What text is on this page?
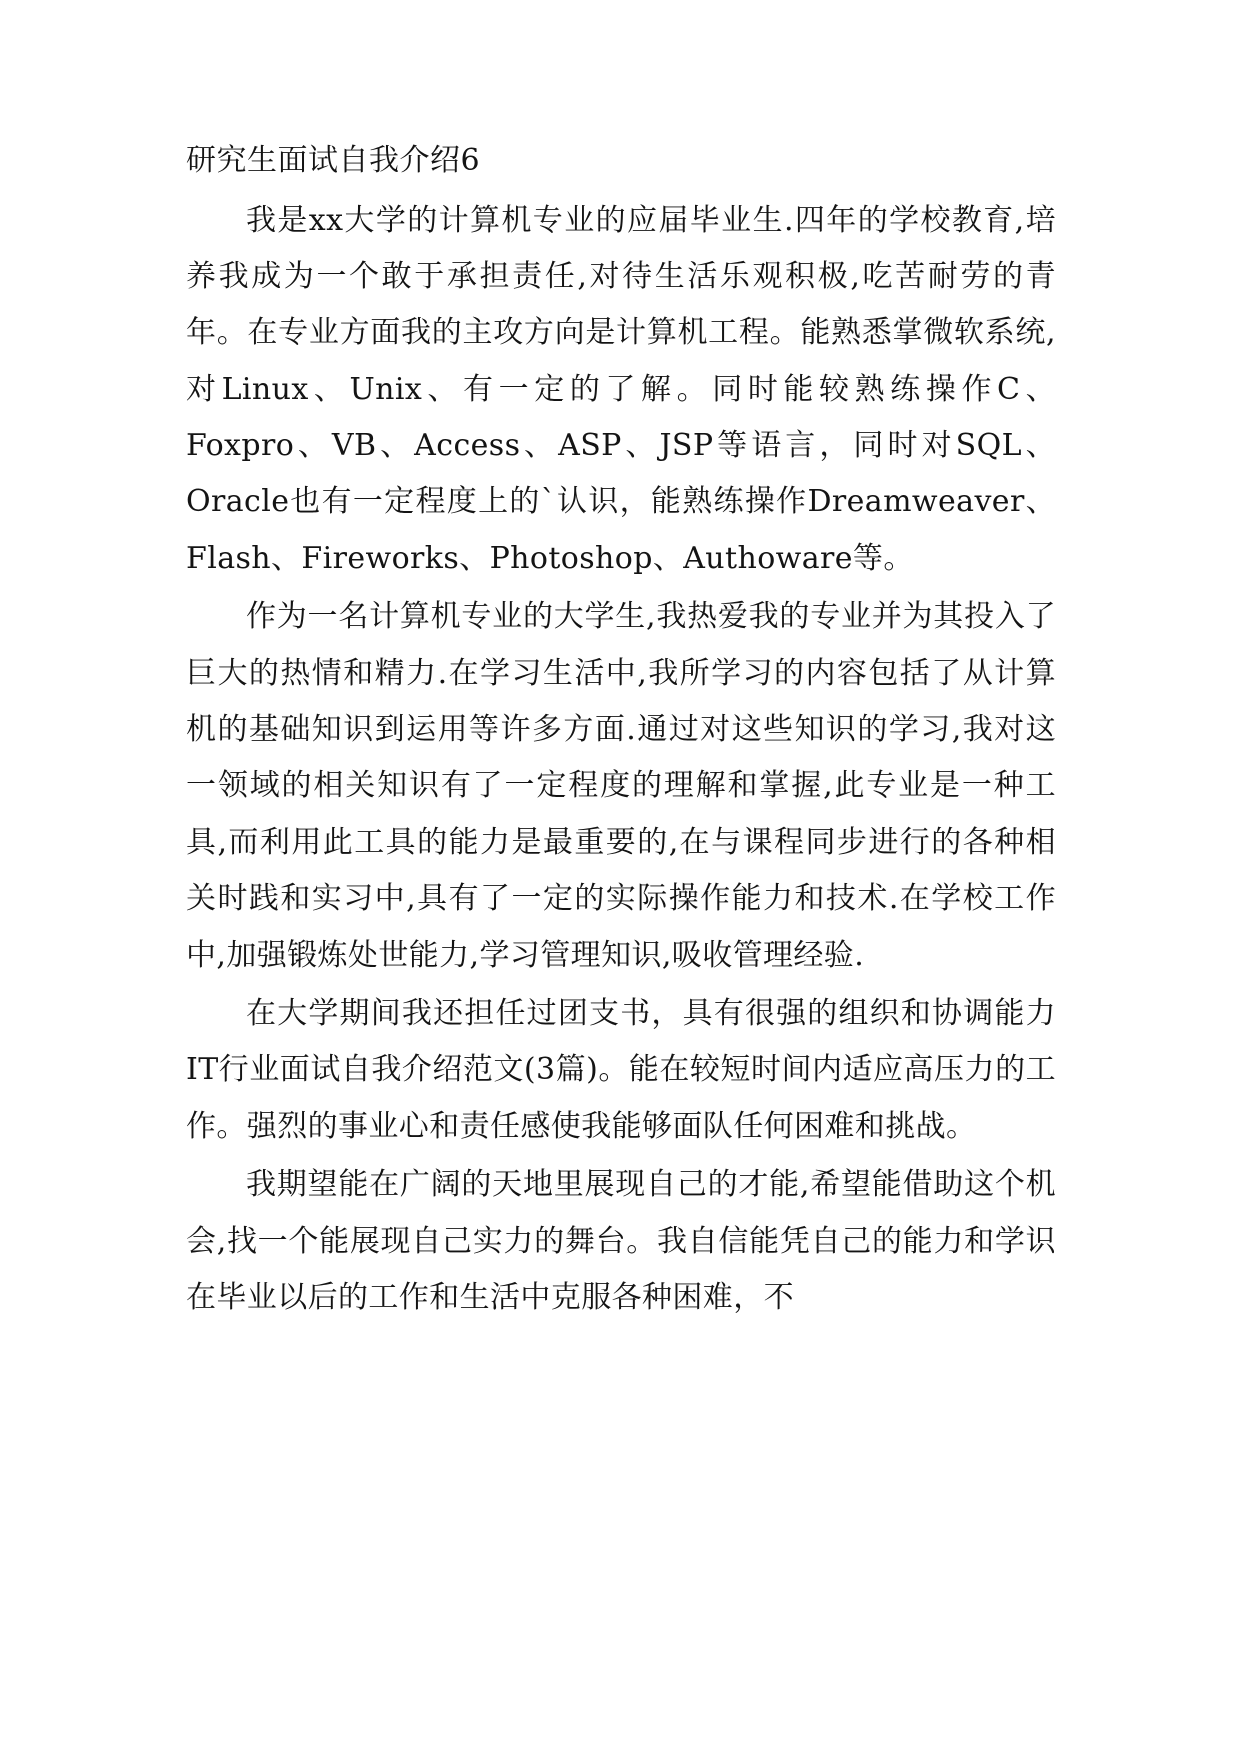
研究生面试自我介绍6

我是xx大学的计算机专业的应届毕业生.四年的学校教育,培养我成为一个敢于承担责任,对待生活乐观积极,吃苦耐劳的青年。在专业方面我的主攻方向是计算机工程。能熟悉掌微软系统,对Linux、Unix、有一定的了解。同时能较熟练操作C、Foxpro、VB、Access、ASP、JSP等语言，同时对SQL、Oracle也有一定程度上的`认识，能熟练操作Dreamweaver、Flash、Fireworks、Photoshop、Authoware等。

作为一名计算机专业的大学生,我热爱我的专业并为其投入了巨大的热情和精力.在学习生活中,我所学习的内容包括了从计算机的基础知识到运用等许多方面.通过对这些知识的学习,我对这一领域的相关知识有了一定程度的理解和掌握,此专业是一种工具,而利用此工具的能力是最重要的,在与课程同步进行的各种相关时践和实习中,具有了一定的实际操作能力和技术.在学校工作中,加强锻炼处世能力,学习管理知识,吸收管理经验.

在大学期间我还担任过团支书，具有很强的组织和协调能力IT行业面试自我介绍范文(3篇)。能在较短时间内适应高压力的工作。强烈的事业心和责任感使我能够面队任何困难和挑战。

我期望能在广阔的天地里展现自己的才能,希望能借助这个机会,找一个能展现自己实力的舞台。我自信能凭自己的能力和学识在毕业以后的工作和生活中克服各种困难，不
